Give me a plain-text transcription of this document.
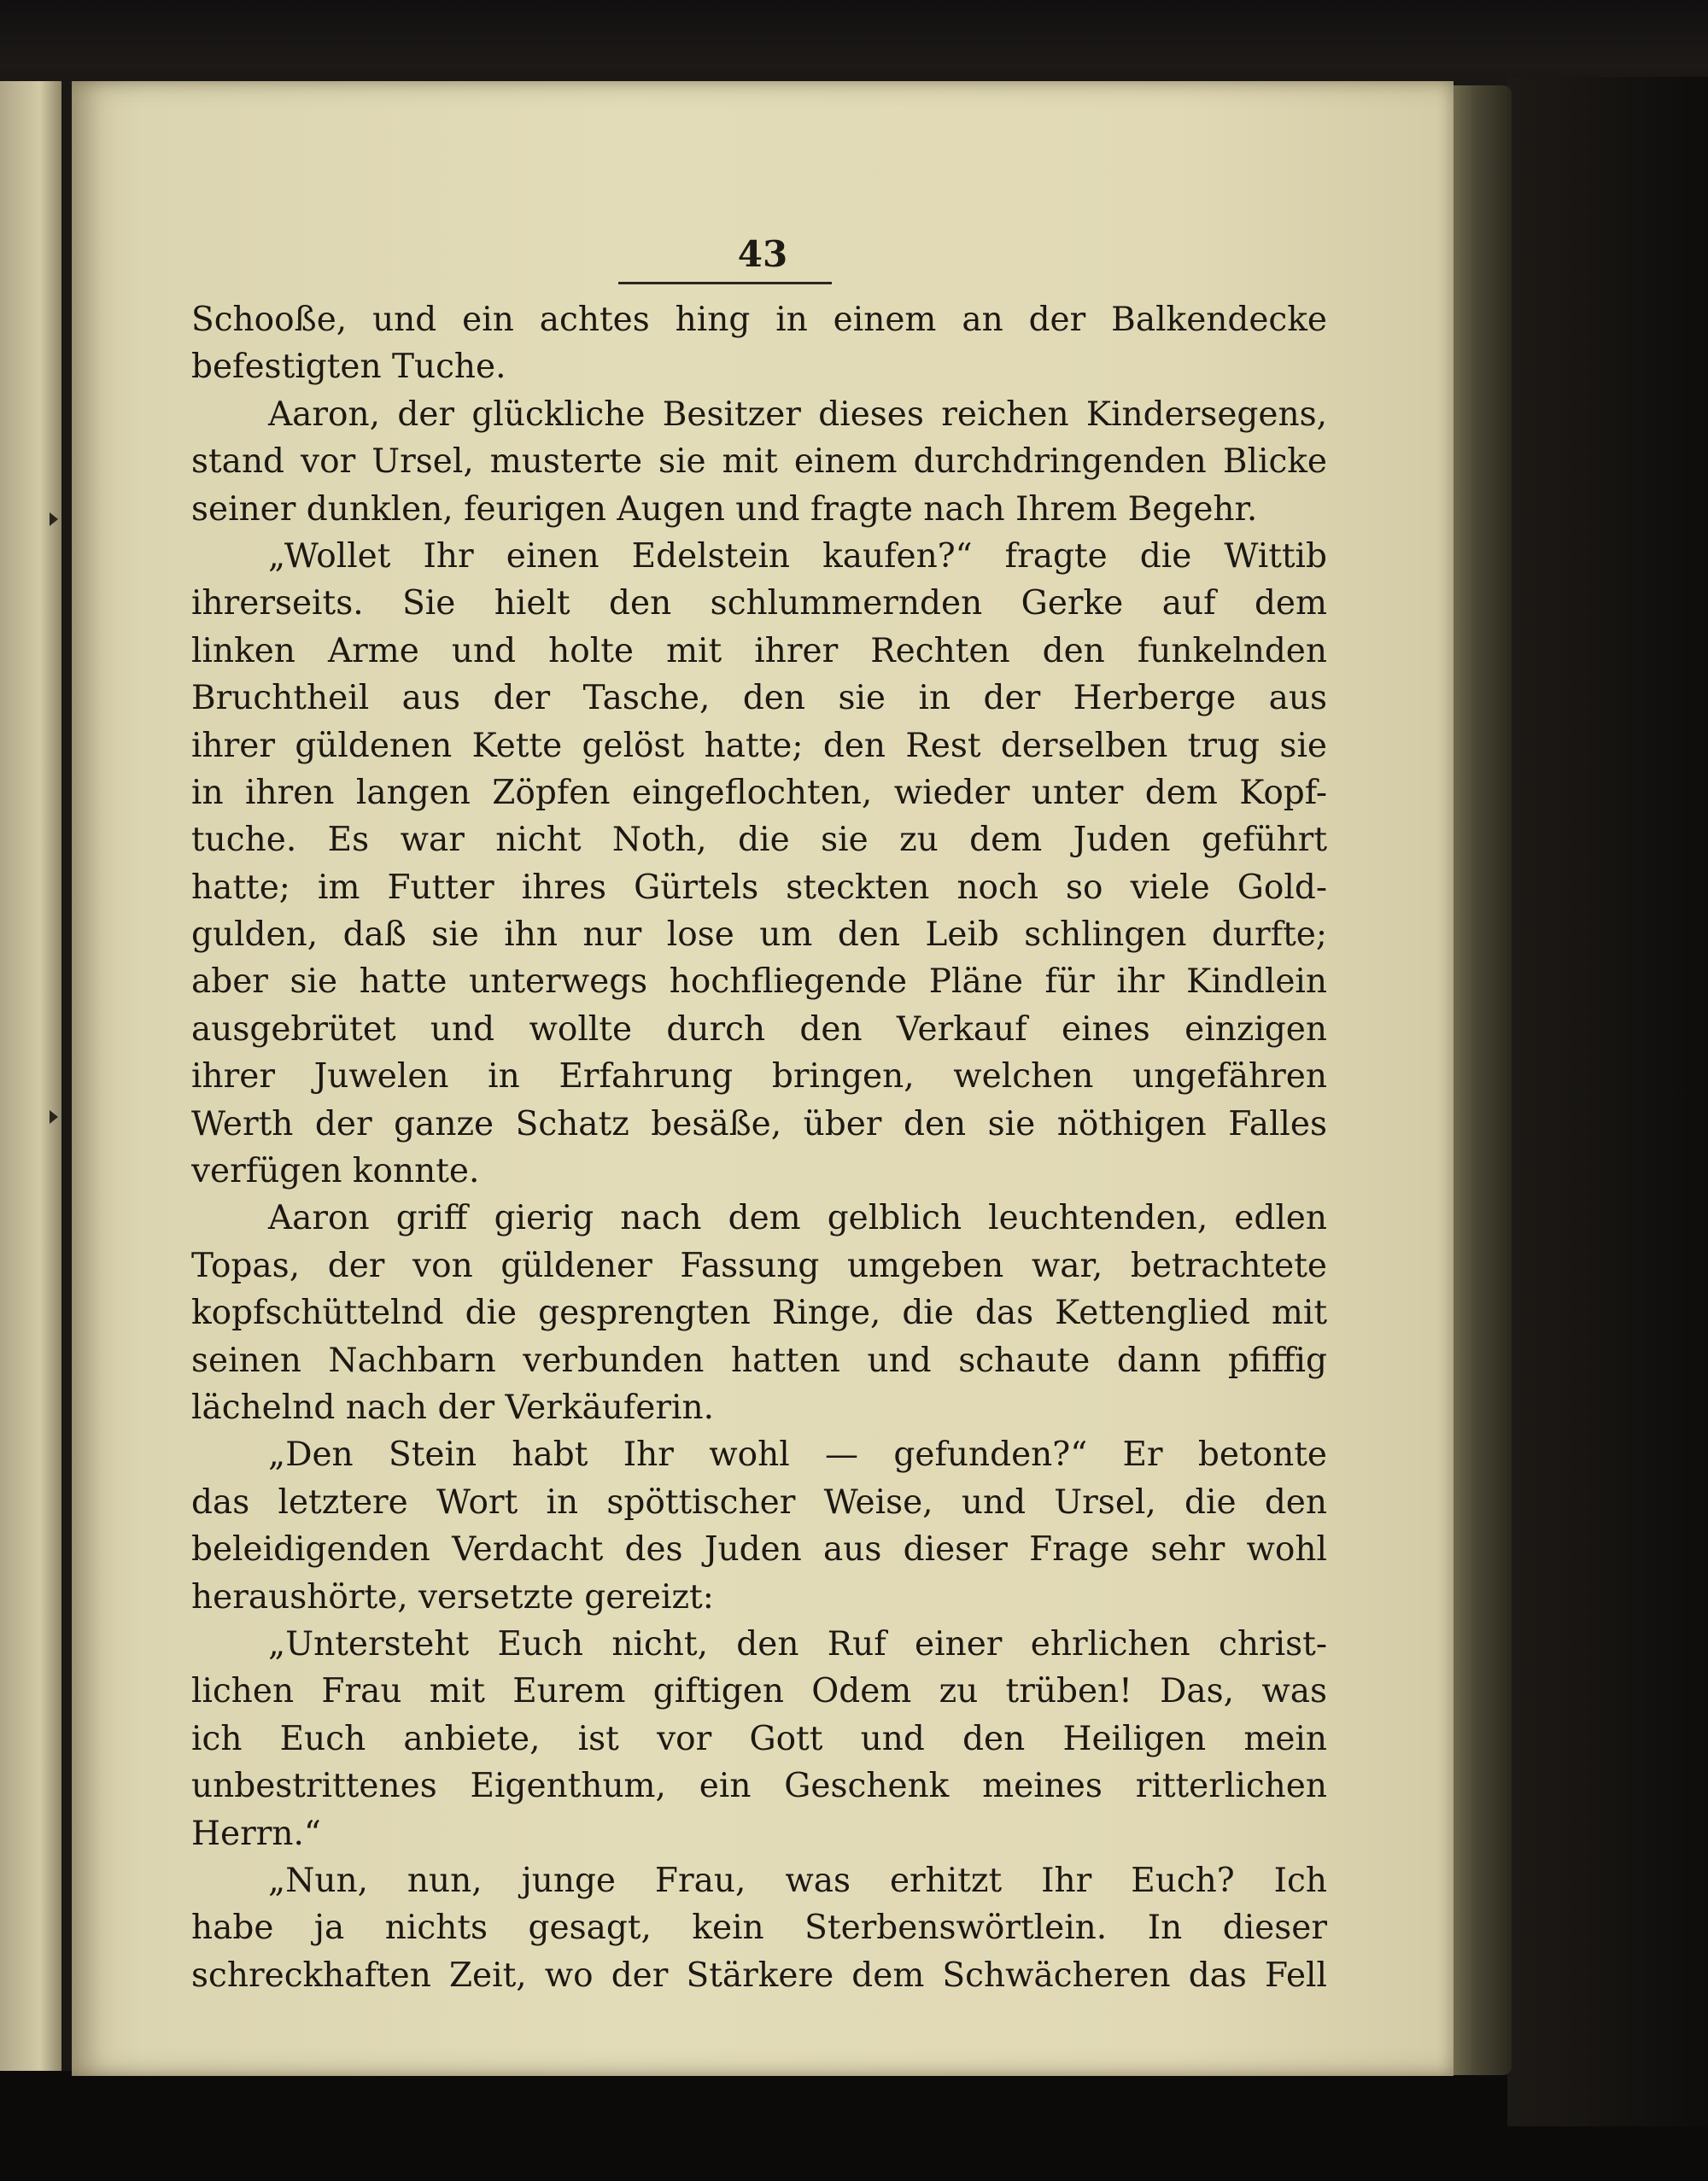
43
Schooße, und ein achtes hing in einem an der Balkendecke
befestigten Tuche.
Aaron, der glückliche Besitzer dieses reichen Kindersegens,
stand vor Ursel, musterte sie mit einem durchdringenden Blicke
seiner dunklen, feurigen Augen und fragte nach Ihrem Begehr.
„Wollet Ihr einen Edelstein kaufen?“ fragte die Wittib
ihrerseits. Sie hielt den schlummernden Gerke auf dem
linken Arme und holte mit ihrer Rechten den funkelnden
Bruchtheil aus der Tasche, den sie in der Herberge aus
ihrer güldenen Kette gelöst hatte; den Rest derselben trug sie
in ihren langen Zöpfen eingeflochten, wieder unter dem Kopf-
tuche. Es war nicht Noth, die sie zu dem Juden geführt
hatte; im Futter ihres Gürtels steckten noch so viele Gold-
gulden, daß sie ihn nur lose um den Leib schlingen durfte;
aber sie hatte unterwegs hochfliegende Pläne für ihr Kindlein
ausgebrütet und wollte durch den Verkauf eines einzigen
ihrer Juwelen in Erfahrung bringen, welchen ungefähren
Werth der ganze Schatz besäße, über den sie nöthigen Falles
verfügen konnte.
Aaron griff gierig nach dem gelblich leuchtenden, edlen
Topas, der von güldener Fassung umgeben war, betrachtete
kopfschüttelnd die gesprengten Ringe, die das Kettenglied mit
seinen Nachbarn verbunden hatten und schaute dann pfiffig
lächelnd nach der Verkäuferin.
„Den Stein habt Ihr wohl — gefunden?“ Er betonte
das letztere Wort in spöttischer Weise, und Ursel, die den
beleidigenden Verdacht des Juden aus dieser Frage sehr wohl
heraushörte, versetzte gereizt:
„Untersteht Euch nicht, den Ruf einer ehrlichen christ-
lichen Frau mit Eurem giftigen Odem zu trüben! Das, was
ich Euch anbiete, ist vor Gott und den Heiligen mein
unbestrittenes Eigenthum, ein Geschenk meines ritterlichen
Herrn.“
„Nun, nun, junge Frau, was erhitzt Ihr Euch? Ich
habe ja nichts gesagt, kein Sterbenswörtlein. In dieser
schreckhaften Zeit, wo der Stärkere dem Schwächeren das Fell
